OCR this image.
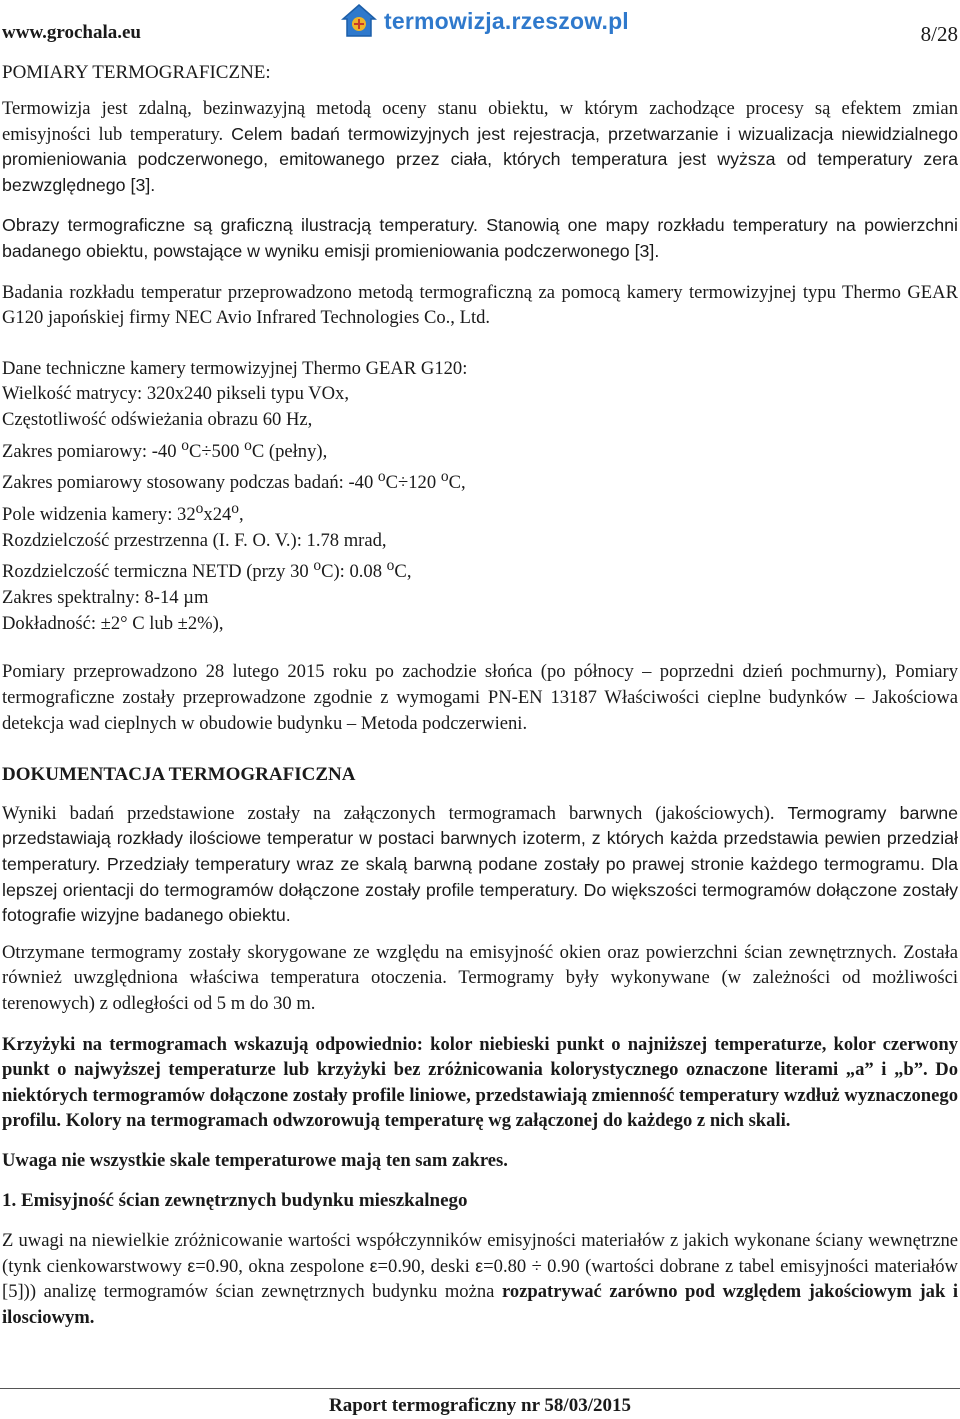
www.grochala.eu	termowizja.rzeszow.pl
8/28
POMIARY TERMOGRAFICZNE:

Termowizja jest zdalną, bezinwazyjną metodą oceny stanu obiektu, w którym zachodzące procesy są efektem zmian emisyjności lub temperatury. Celem badań termowizyjnych jest rejestracja, przetwarzanie i wizualizacja niewidzialnego promieniowania podczerwonego, emitowanego przez ciała, których temperatura jest wyższa od temperatury zera bezwzględnego [3].

Obrazy termograficzne są graficzną ilustracją temperatury. Stanowią one mapy rozkładu temperatury na powierzchni badanego obiektu, powstające w wyniku emisji promieniowania podczerwonego [3].

Badania rozkładu temperatur przeprowadzono metodą termograficzną za pomocą kamery termowizyjnej typu Thermo GEAR G120 japońskiej firmy NEC Avio Infrared Technologies Co., Ltd.

Dane techniczne kamery termowizyjnej Thermo GEAR G120:
Wielkość matrycy: 320x240 pikseli typu VOx,
Częstotliwość odświeżania obrazu 60 Hz,
Zakres pomiarowy: -40 $^o$C÷500 $^o$C (pełny),
Zakres pomiarowy stosowany podczas badań: -40 $^o$C÷120 $^o$C,
Pole widzenia kamery: 32$^o$x24$^o$,
Rozdzielczość przestrzenna (I. F. O. V.): 1.78 mrad,
Rozdzielczość termiczna NETD (przy 30 $^o$C): 0.08 $^o$C,
Zakres spektralny: 8-14 µm
Dokładność: ±2° C lub ±2%),

Pomiary przeprowadzono 28 lutego 2015 roku po zachodzie słońca (po północy – poprzedni dzień pochmurny), Pomiary termograficzne zostały przeprowadzone zgodnie z wymogami PN-EN 13187 Właściwości cieplne budynków – Jakościowa detekcja wad cieplnych w obudowie budynku – Metoda podczerwieni.

DOKUMENTACJA TERMOGRAFICZNA

Wyniki badań przedstawione zostały na załączonych termogramach barwnych (jakościowych). Termogramy barwne przedstawiają rozkłady ilościowe temperatur w postaci barwnych izoterm, z których każda przedstawia pewien przedział temperatury. Przedziały temperatury wraz ze skalą barwną podane zostały po prawej stronie każdego termogramu. Dla lepszej orientacji do termogramów dołączone zostały profile temperatury. Do większości termogramów dołączone zostały fotografie wizyjne badanego obiektu.

Otrzymane termogramy zostały skorygowane ze względu na emisyjność okien oraz powierzchni ścian zewnętrznych. Została również uwzględniona właściwa temperatura otoczenia. Termogramy były wykonywane (w zależności od możliwości terenowych) z odległości od 5 m do 30 m.

Krzyżyki na termogramach wskazują odpowiednio: kolor niebieski punkt o najniższej temperaturze, kolor czerwony punkt o najwyższej temperaturze lub krzyżyki bez zróżnicowania kolorystycznego oznaczone literami „a” i „b”. Do niektórych termogramów dołączone zostały profile liniowe, przedstawiają zmienność temperatury wzdłuż wyznaczonego profilu. Kolory na termogramach odwzorowują temperaturę wg załączonej do każdego z nich skali.

Uwaga nie wszystkie skale temperaturowe mają ten sam zakres.

1. Emisyjność ścian zewnętrznych budynku mieszkalnego

Z uwagi na niewielkie zróżnicowanie wartości współczynników emisyjności materiałów z jakich wykonane ściany wewnętrzne (tynk cienkowarstwowy ε=0.90, okna zespolone ε=0.90, deski ε=0.80 ÷ 0.90 (wartości dobrane z tabel emisyjności materiałów [5])) analizę termogramów ścian zewnętrznych budynku można rozpatrywać zarówno pod względem jakościowym jak i ilosciowym.

Raport termograficzny nr 58/03/2015
